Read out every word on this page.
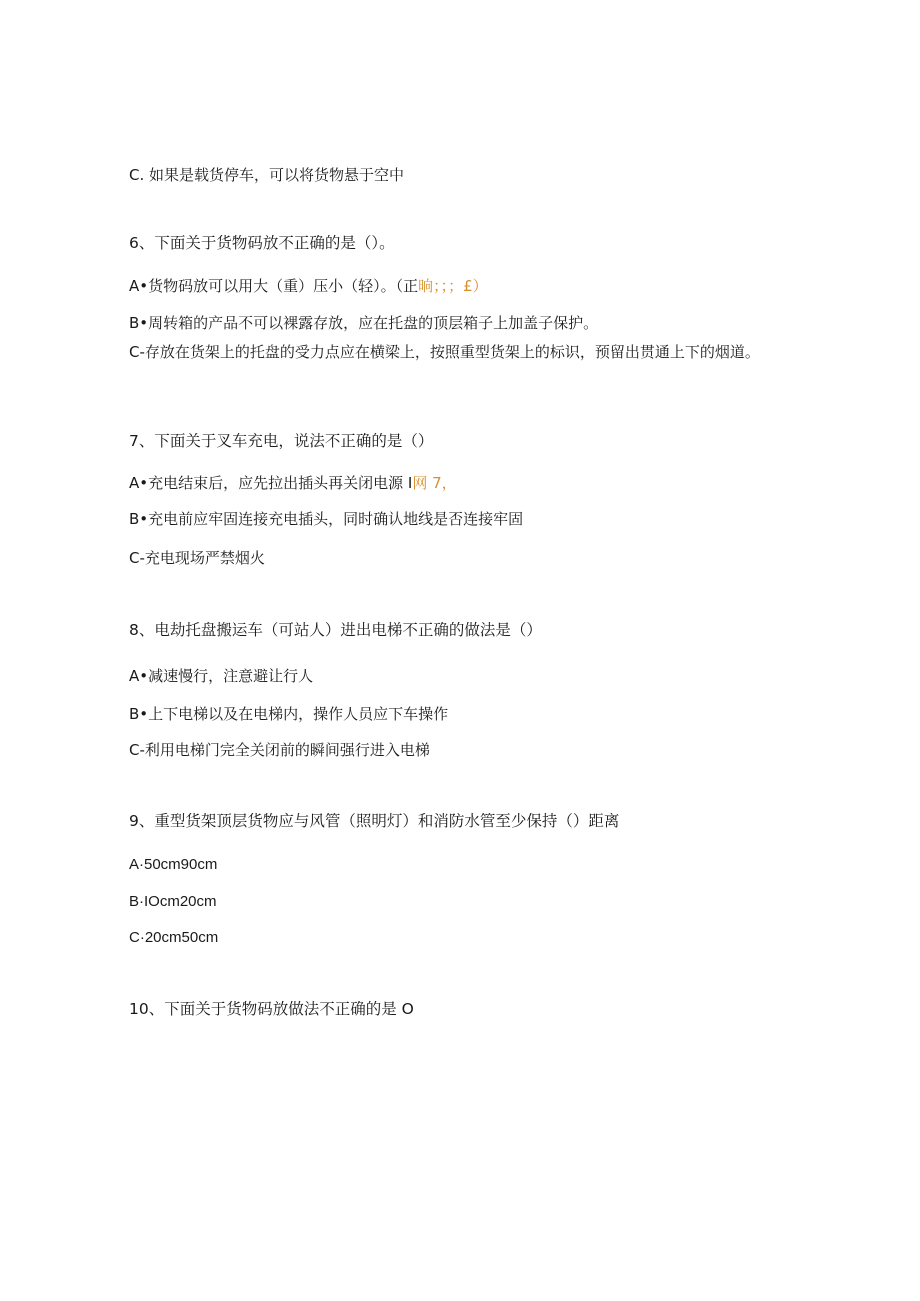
C. 如果是载货停车，可以将货物悬于空中
6、下面关于货物码放不正确的是（）。
A•货物码放可以用大（重）压小（轻）。（正晌；；；£）
B•周转箱的产品不可以裸露存放，应在托盘的顶层箱子上加盖子保护。
C-存放在货架上的托盘的受力点应在横梁上，按照重型货架上的标识，预留出贯通上下的烟道。
7、下面关于叉车充电，说法不正确的是（）
A•充电结束后，应先拉出插头再关闭电源 I网 7，
B•充电前应牢固连接充电插头，同时确认地线是否连接牢固
C-充电现场严禁烟火
8、电劫托盘搬运车（可站人）进出电梯不正确的做法是（）
A•减速慢行，注意避让行人
B•上下电梯以及在电梯内，操作人员应下车操作
C-利用电梯门完全关闭前的瞬间强行进入电梯
9、重型货架顶层货物应与风管（照明灯）和消防水管至少保持（）距离
A·50cm90cm
B·IOcm20cm
C·20cm50cm
10、下面关于货物码放做法不正确的是 O
